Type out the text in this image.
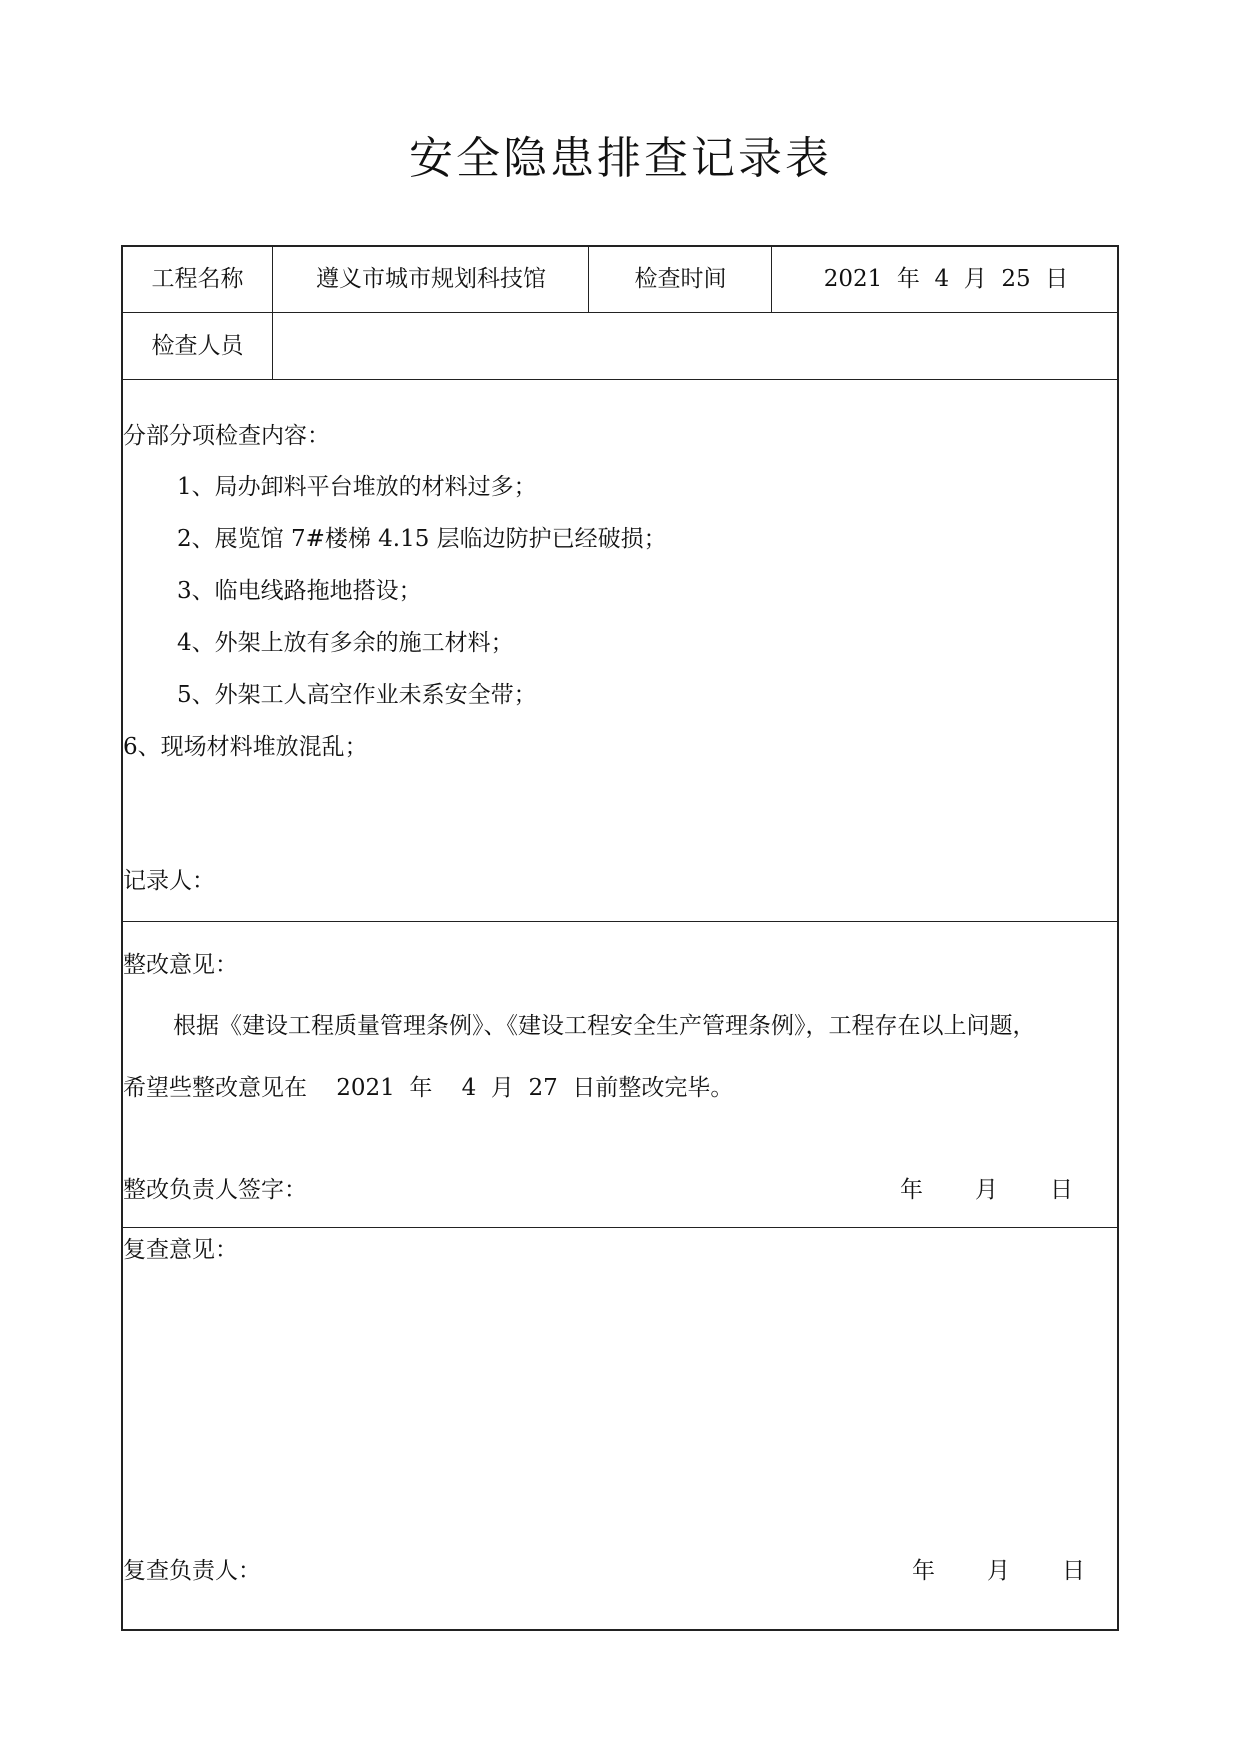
安全隐患排查记录表
工程名称	遵义市城市规划科技馆	检查时间	2021 年 4 月 25 日
检查人员
分部分项检查内容：
1、局办卸料平台堆放的材料过多；
2、展览馆 7#楼梯 4.15 层临边防护已经破损；
3、临电线路拖地搭设；
4、外架上放有多余的施工材料；
5、外架工人高空作业未系安全带；
6、现场材料堆放混乱；
记录人：
整改意见：
根据《建设工程质量管理条例》、《建设工程安全生产管理条例》，工程存在以上问题，
希望些整改意见在    2021  年    4  月  27  日前整改完毕。
整改负责人签字：	年 月 日
复查意见：
复查负责人：	年 月 日
